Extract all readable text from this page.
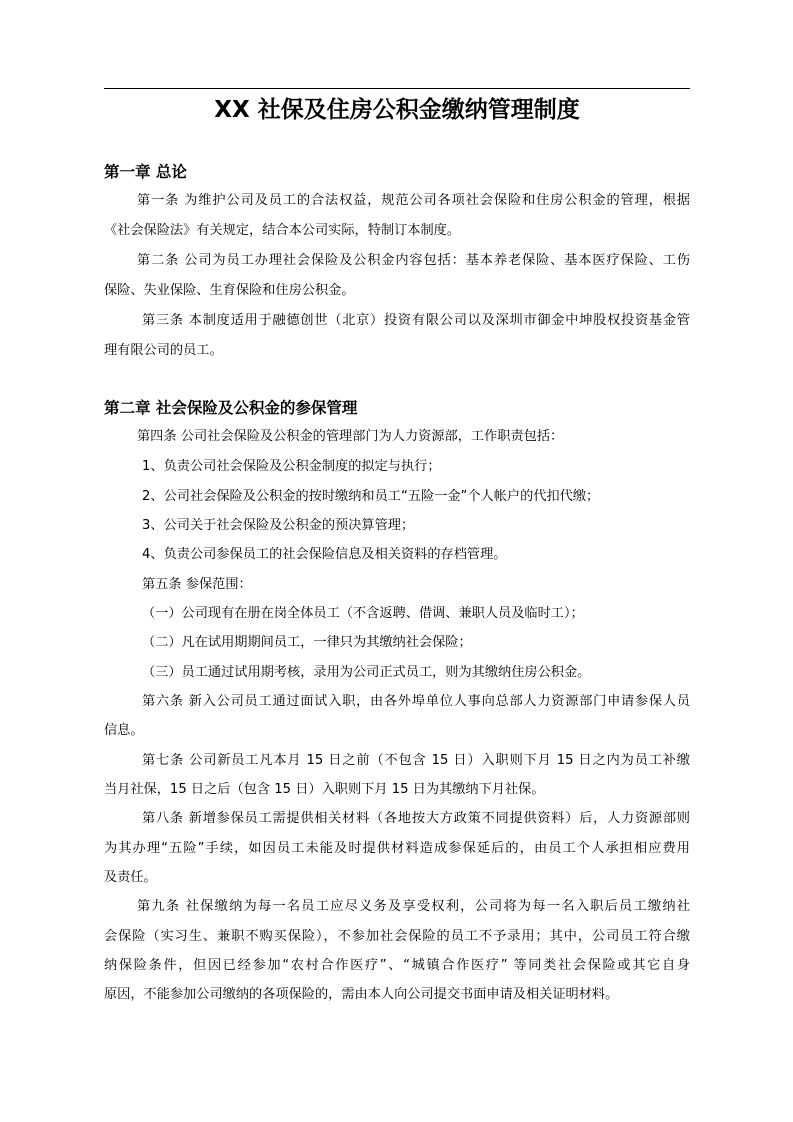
XX 社保及住房公积金缴纳管理制度
第一章 总论
第一条 为维护公司及员工的合法权益，规范公司各项社会保险和住房公积金的管理，根据
《社会保险法》有关规定，结合本公司实际，特制订本制度。
第二条 公司为员工办理社会保险及公积金内容包括：基本养老保险、基本医疗保险、工伤
保险、失业保险、生育保险和住房公积金。
第三条 本制度适用于融德创世（北京）投资有限公司以及深圳市御金中坤股权投资基金管
理有限公司的员工。
第二章 社会保险及公积金的参保管理
第四条 公司社会保险及公积金的管理部门为人力资源部，工作职责包括：
1、负责公司社会保险及公积金制度的拟定与执行；
2、公司社会保险及公积金的按时缴纳和员工“五险一金”个人帐户的代扣代缴；
3、公司关于社会保险及公积金的预决算管理；
4、负责公司参保员工的社会保险信息及相关资料的存档管理。
第五条 参保范围：
（一）公司现有在册在岗全体员工（不含返聘、借调、兼职人员及临时工）；
（二）凡在试用期期间员工，一律只为其缴纳社会保险；
（三）员工通过试用期考核，录用为公司正式员工，则为其缴纳住房公积金。
第六条 新入公司员工通过面试入职，由各外埠单位人事向总部人力资源部门申请参保人员
信息。
第七条 公司新员工凡本月 15 日之前（不包含 15 日）入职则下月 15 日之内为员工补缴
当月社保，15 日之后（包含 15 日）入职则下月 15 日为其缴纳下月社保。
第八条 新增参保员工需提供相关材料（各地按大方政策不同提供资料）后，人力资源部则
为其办理“五险”手续，如因员工未能及时提供材料造成参保延后的，由员工个人承担相应费用
及责任。
第九条 社保缴纳为每一名员工应尽义务及享受权利，公司将为每一名入职后员工缴纳社
会保险（实习生、兼职不购买保险），不参加社会保险的员工不予录用；其中，公司员工符合缴
纳保险条件，但因已经参加“农村合作医疗”、“城镇合作医疗” 等同类社会保险或其它自身
原因，不能参加公司缴纳的各项保险的，需由本人向公司提交书面申请及相关证明材料。
